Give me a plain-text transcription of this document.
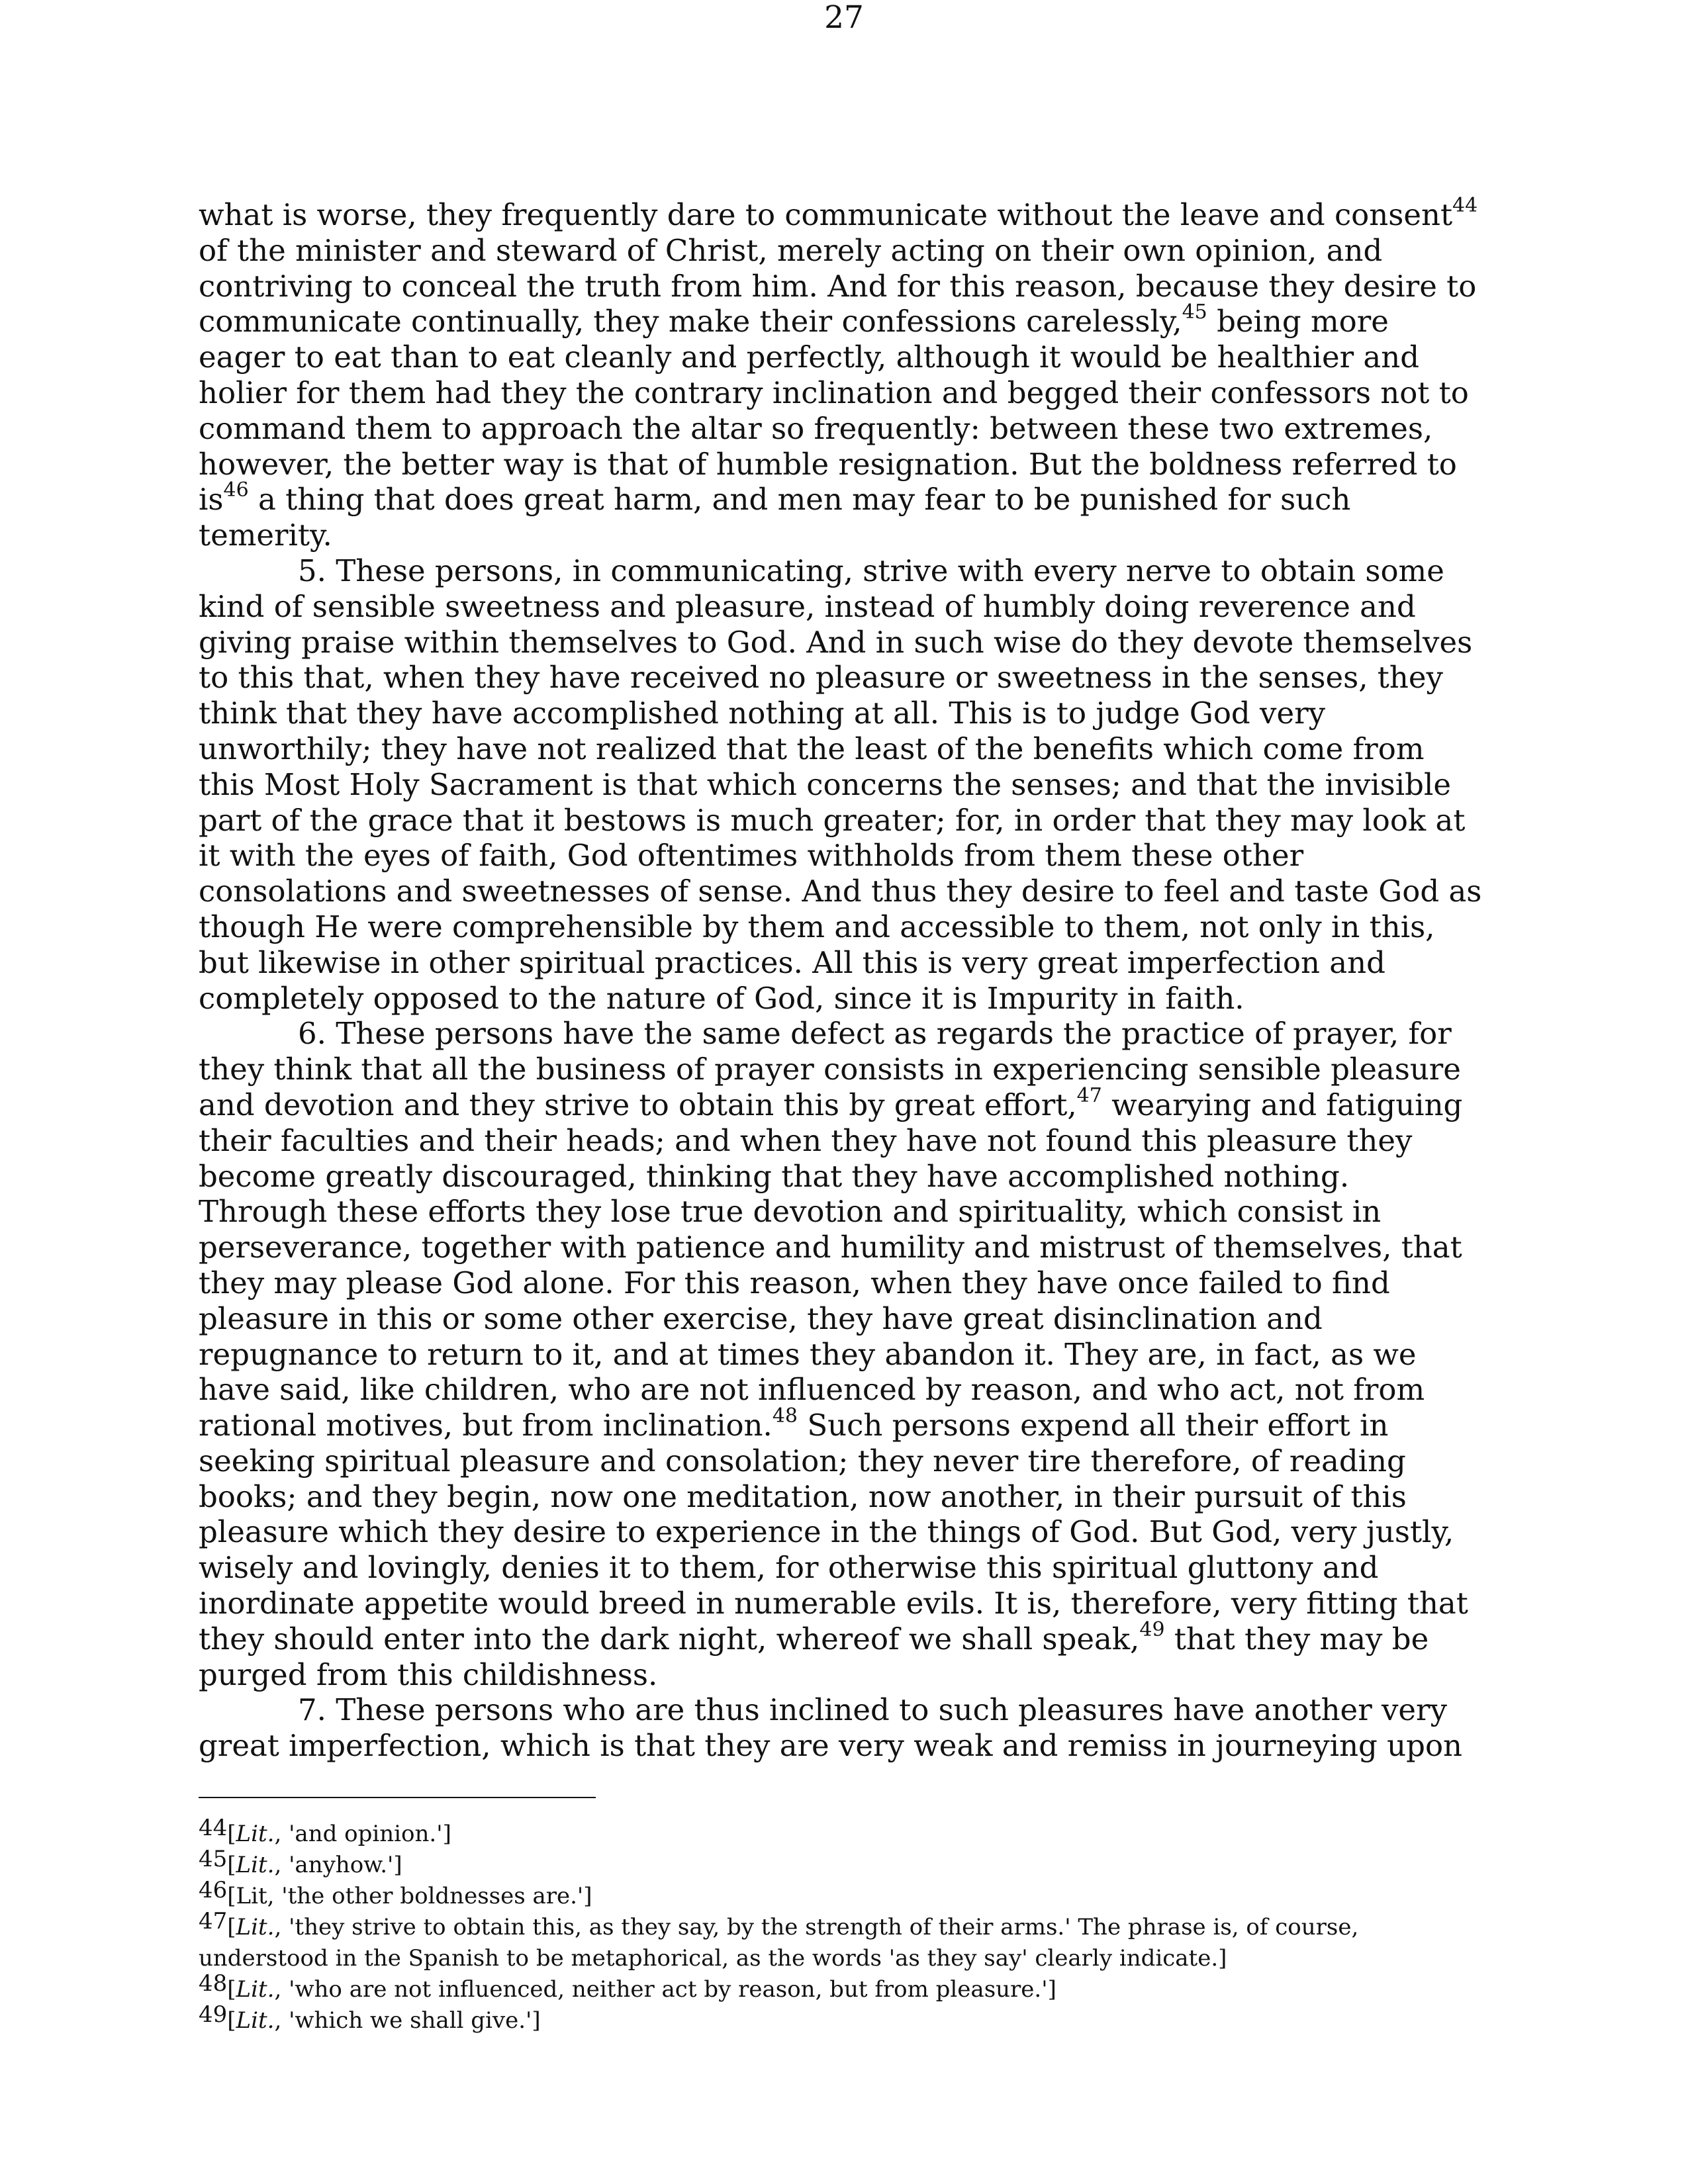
27
what is worse, they frequently dare to communicate without the leave and consent$^{44}$
of the minister and steward of Christ, merely acting on their own opinion, and
contriving to conceal the truth from him. And for this reason, because they desire to
communicate continually, they make their confessions carelessly,$^{45}$ being more
eager to eat than to eat cleanly and perfectly, although it would be healthier and
holier for them had they the contrary inclination and begged their confessors not to
command them to approach the altar so frequently: between these two extremes,
however, the better way is that of humble resignation. But the boldness referred to
$is^{46}$ a thing that does great harm, and men may fear to be punished for such
temerity.
5. These persons, in communicating, strive with every nerve to obtain some
kind of sensible sweetness and pleasure, instead of humbly doing reverence and
giving praise within themselves to God. And in such wise do they devote themselves
to this that, when they have received no pleasure or sweetness in the senses, they
think that they have accomplished nothing at all. This is to judge God very
unworthily; they have not realized that the least of the benefits which come from
this Most Holy Sacrament is that which concerns the senses; and that the invisible
part of the grace that it bestows is much greater; for, in order that they may look at
it with the eyes of faith, God oftentimes withholds from them these other
consolations and sweetnesses of sense. And thus they desire to feel and taste God as
though He were comprehensible by them and accessible to them, not only in this,
but likewise in other spiritual practices. All this is very great imperfection and
completely opposed to the nature of God, since it is Impurity in faith.
6. These persons have the same defect as regards the practice of prayer, for
they think that all the business of prayer consists in experiencing sensible pleasure
and devotion and they strive to obtain this by great effort,$^{47}$ wearying and fatiguing
their faculties and their heads; and when they have not found this pleasure they
become greatly discouraged, thinking that they have accomplished nothing.
Through these efforts they lose true devotion and spirituality, which consist in
perseverance, together with patience and humility and mistrust of themselves, that
they may please God alone. For this reason, when they have once failed to find
pleasure in this or some other exercise, they have great disinclination and
repugnance to return to it, and at times they abandon it. They are, in fact, as we
have said, like children, who are not influenced by reason, and who act, not from
rational motives, but from inclination.$^{48}$ Such persons expend all their effort in
seeking spiritual pleasure and consolation; they never tire therefore, of reading
books; and they begin, now one meditation, now another, in their pursuit of this
pleasure which they desire to experience in the things of God. But God, very justly,
wisely and lovingly, denies it to them, for otherwise this spiritual gluttony and
inordinate appetite would breed in numerable evils. It is, therefore, very fitting that
they should enter into the dark night, whereof we shall speak,$^{49}$ that they may be
purged from this childishness.
7. These persons who are thus inclined to such pleasures have another very
great imperfection, which is that they are very weak and remiss in journeying upon
$^{44}$[Lit., 'and opinion.']
$^{45}$[Lit., 'anyhow.']
$^{46}$[Lit, 'the other boldnesses are.']
$^{47}$[Lit., 'they strive to obtain this, as they say, by the strength of their arms.' The phrase is, of course,
understood in the Spanish to be metaphorical, as the words 'as they say' clearly indicate.]
$^{48}$[Lit., 'who are not influenced, neither act by reason, but from pleasure.']
$^{49}$[Lit., 'which we shall give.']
